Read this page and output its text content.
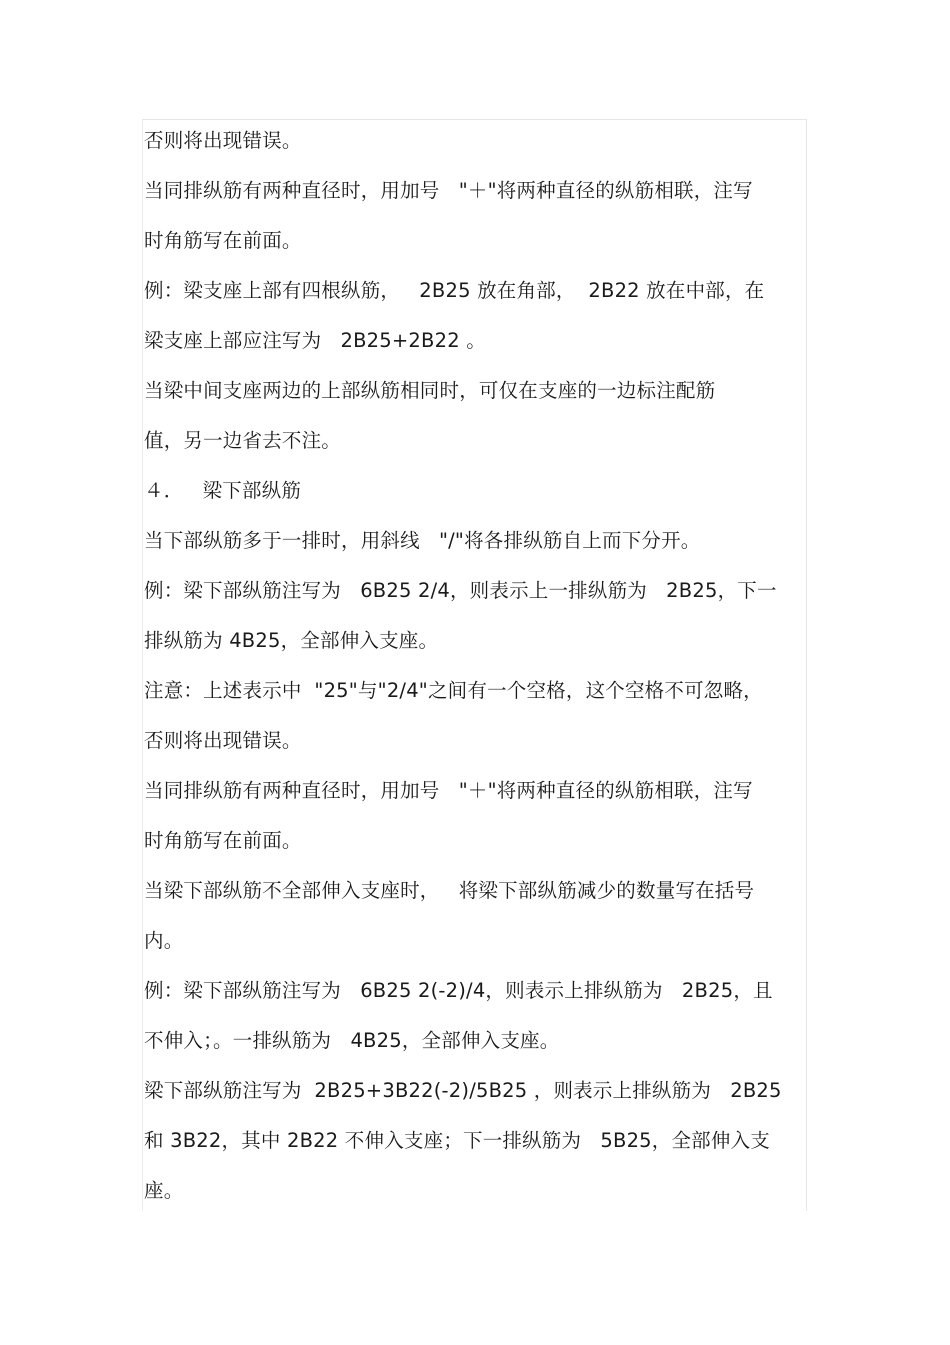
否则将出现错误。
当同排纵筋有两种直径时，用加号   "＋"将两种直径的纵筋相联，注写
时角筋写在前面。
例：梁支座上部有四根纵筋，   2B25 放在角部，  2B22 放在中部，在
梁支座上部应注写为   2B25+2B22 。
当梁中间支座两边的上部纵筋相同时，可仅在支座的一边标注配筋
值，另一边省去不注。
４．   梁下部纵筋
当下部纵筋多于一排时，用斜线   "/"将各排纵筋自上而下分开。
例：梁下部纵筋注写为   6B25 2/4，则表示上一排纵筋为   2B25，下一
排纵筋为 4B25，全部伸入支座。
注意：上述表示中  "25"与"2/4"之间有一个空格，这个空格不可忽略，
否则将出现错误。
当同排纵筋有两种直径时，用加号   "＋"将两种直径的纵筋相联，注写
时角筋写在前面。
当梁下部纵筋不全部伸入支座时，   将梁下部纵筋减少的数量写在括号
内。
例：梁下部纵筋注写为   6B25 2(-2)/4，则表示上排纵筋为   2B25，且
不伸入；。一排纵筋为   4B25，全部伸入支座。
梁下部纵筋注写为  2B25+3B22(-2)/5B25 ，则表示上排纵筋为   2B25
和 3B22，其中 2B22 不伸入支座；下一排纵筋为   5B25，全部伸入支
座。
